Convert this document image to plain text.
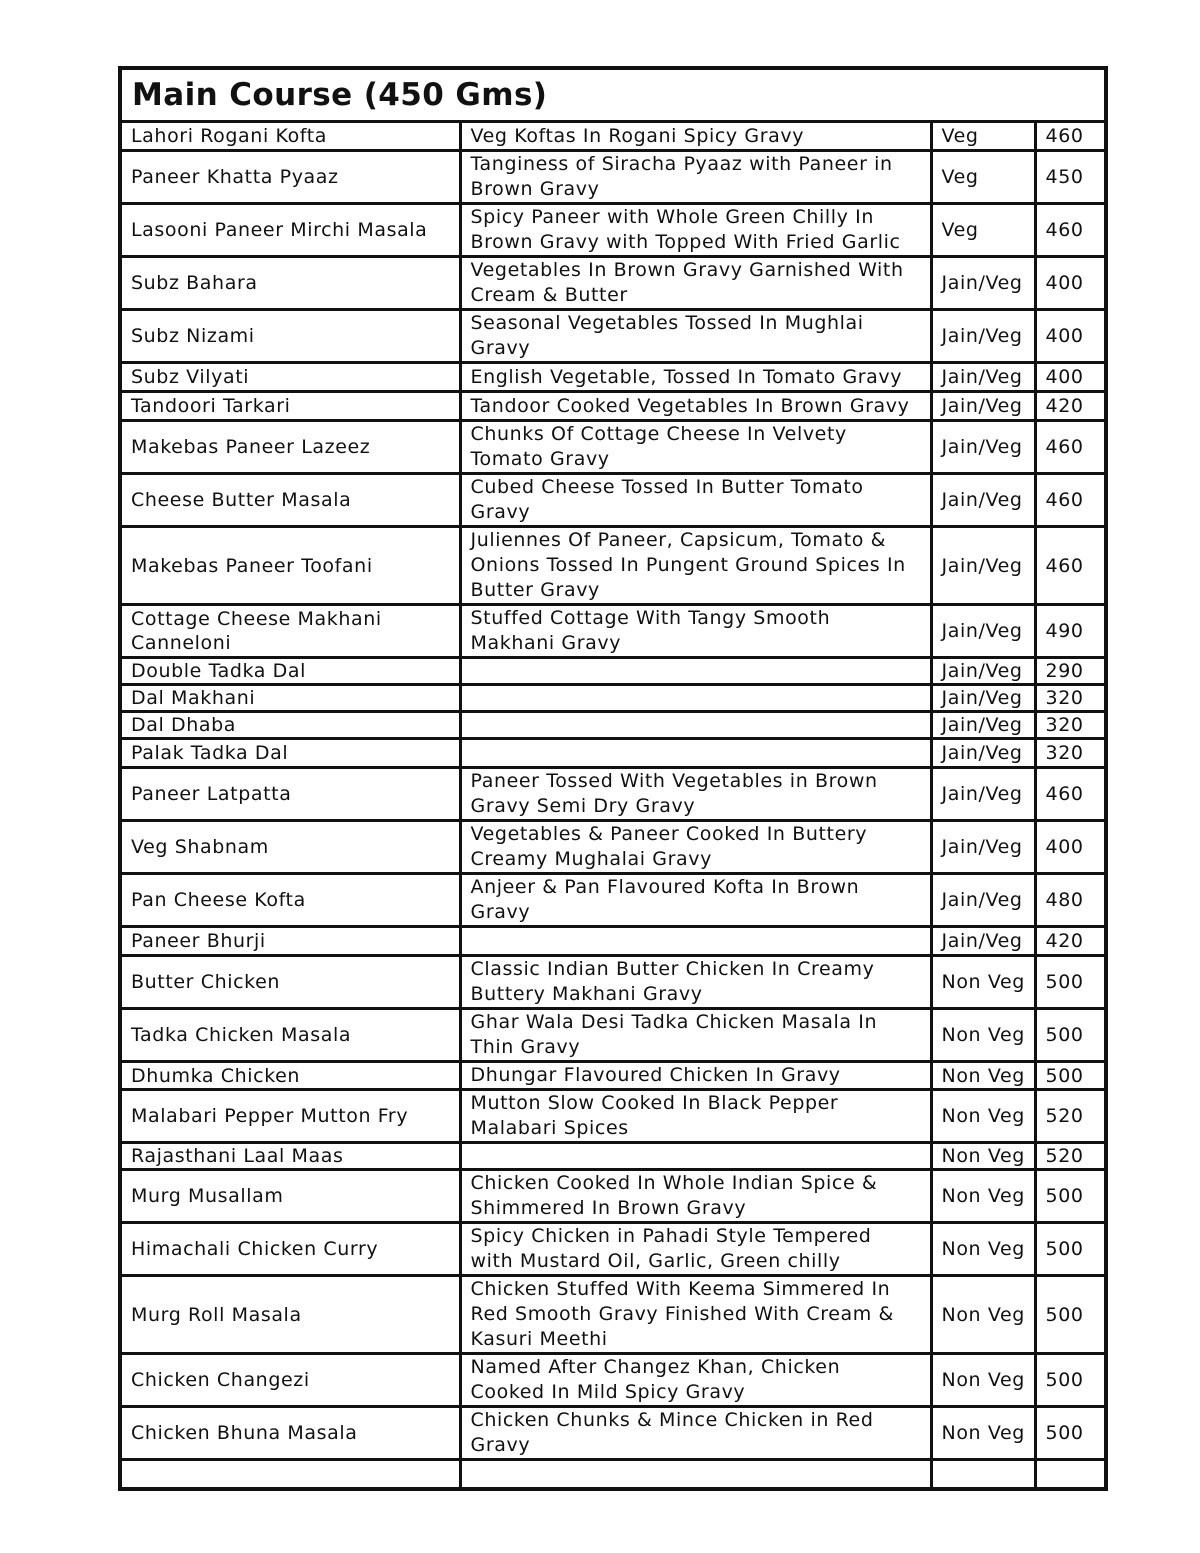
Main Course (450 Gms)			
Lahori Rogani Kofta	Veg Koftas In Rogani Spicy Gravy	Veg	460
Paneer Khatta Pyaaz	Tanginess of Siracha Pyaaz with Paneer in Brown Gravy	Veg	450
Lasooni Paneer Mirchi Masala	Spicy Paneer with Whole Green Chilly In Brown Gravy with Topped With Fried Garlic	Veg	460
Subz Bahara	Vegetables In Brown Gravy Garnished With Cream & Butter	Jain/Veg	400
Subz Nizami	Seasonal Vegetables Tossed In Mughlai Gravy	Jain/Veg	400
Subz Vilyati	English Vegetable, Tossed In Tomato Gravy	Jain/Veg	400
Tandoori Tarkari	Tandoor Cooked Vegetables In Brown Gravy	Jain/Veg	420
Makebas Paneer Lazeez	Chunks Of Cottage Cheese In Velvety Tomato Gravy	Jain/Veg	460
Cheese Butter Masala	Cubed Cheese Tossed In Butter Tomato Gravy	Jain/Veg	460
Makebas Paneer Toofani	Juliennes Of Paneer, Capsicum, Tomato & Onions Tossed In Pungent Ground Spices In Butter Gravy	Jain/Veg	460
Cottage Cheese Makhani Canneloni	Stuffed Cottage With Tangy Smooth Makhani Gravy	Jain/Veg	490
Double Tadka Dal		Jain/Veg	290
Dal Makhani		Jain/Veg	320
Dal Dhaba		Jain/Veg	320
Palak Tadka Dal		Jain/Veg	320
Paneer Latpatta	Paneer Tossed With Vegetables in Brown Gravy Semi Dry Gravy	Jain/Veg	460
Veg Shabnam	Vegetables & Paneer Cooked In Buttery Creamy Mughalai Gravy	Jain/Veg	400
Pan Cheese Kofta	Anjeer & Pan Flavoured Kofta In Brown Gravy	Jain/Veg	480
Paneer Bhurji		Jain/Veg	420
Butter Chicken	Classic Indian Butter Chicken In Creamy Buttery Makhani Gravy	Non Veg	500
Tadka Chicken Masala	Ghar Wala Desi Tadka Chicken Masala In Thin Gravy	Non Veg	500
Dhumka Chicken	Dhungar Flavoured Chicken In Gravy	Non Veg	500
Malabari Pepper Mutton Fry	Mutton Slow Cooked In Black Pepper Malabari Spices	Non Veg	520
Rajasthani Laal Maas		Non Veg	520
Murg Musallam	Chicken Cooked In Whole Indian Spice & Shimmered In Brown Gravy	Non Veg	500
Himachali Chicken Curry	Spicy Chicken in Pahadi Style Tempered with Mustard Oil, Garlic, Green chilly	Non Veg	500
Murg Roll Masala	Chicken Stuffed With Keema Simmered In Red Smooth Gravy Finished With Cream & Kasuri Meethi	Non Veg	500
Chicken Changezi	Named After Changez Khan, Chicken Cooked In Mild Spicy Gravy	Non Veg	500
Chicken Bhuna Masala	Chicken Chunks & Mince Chicken in Red Gravy	Non Veg	500
